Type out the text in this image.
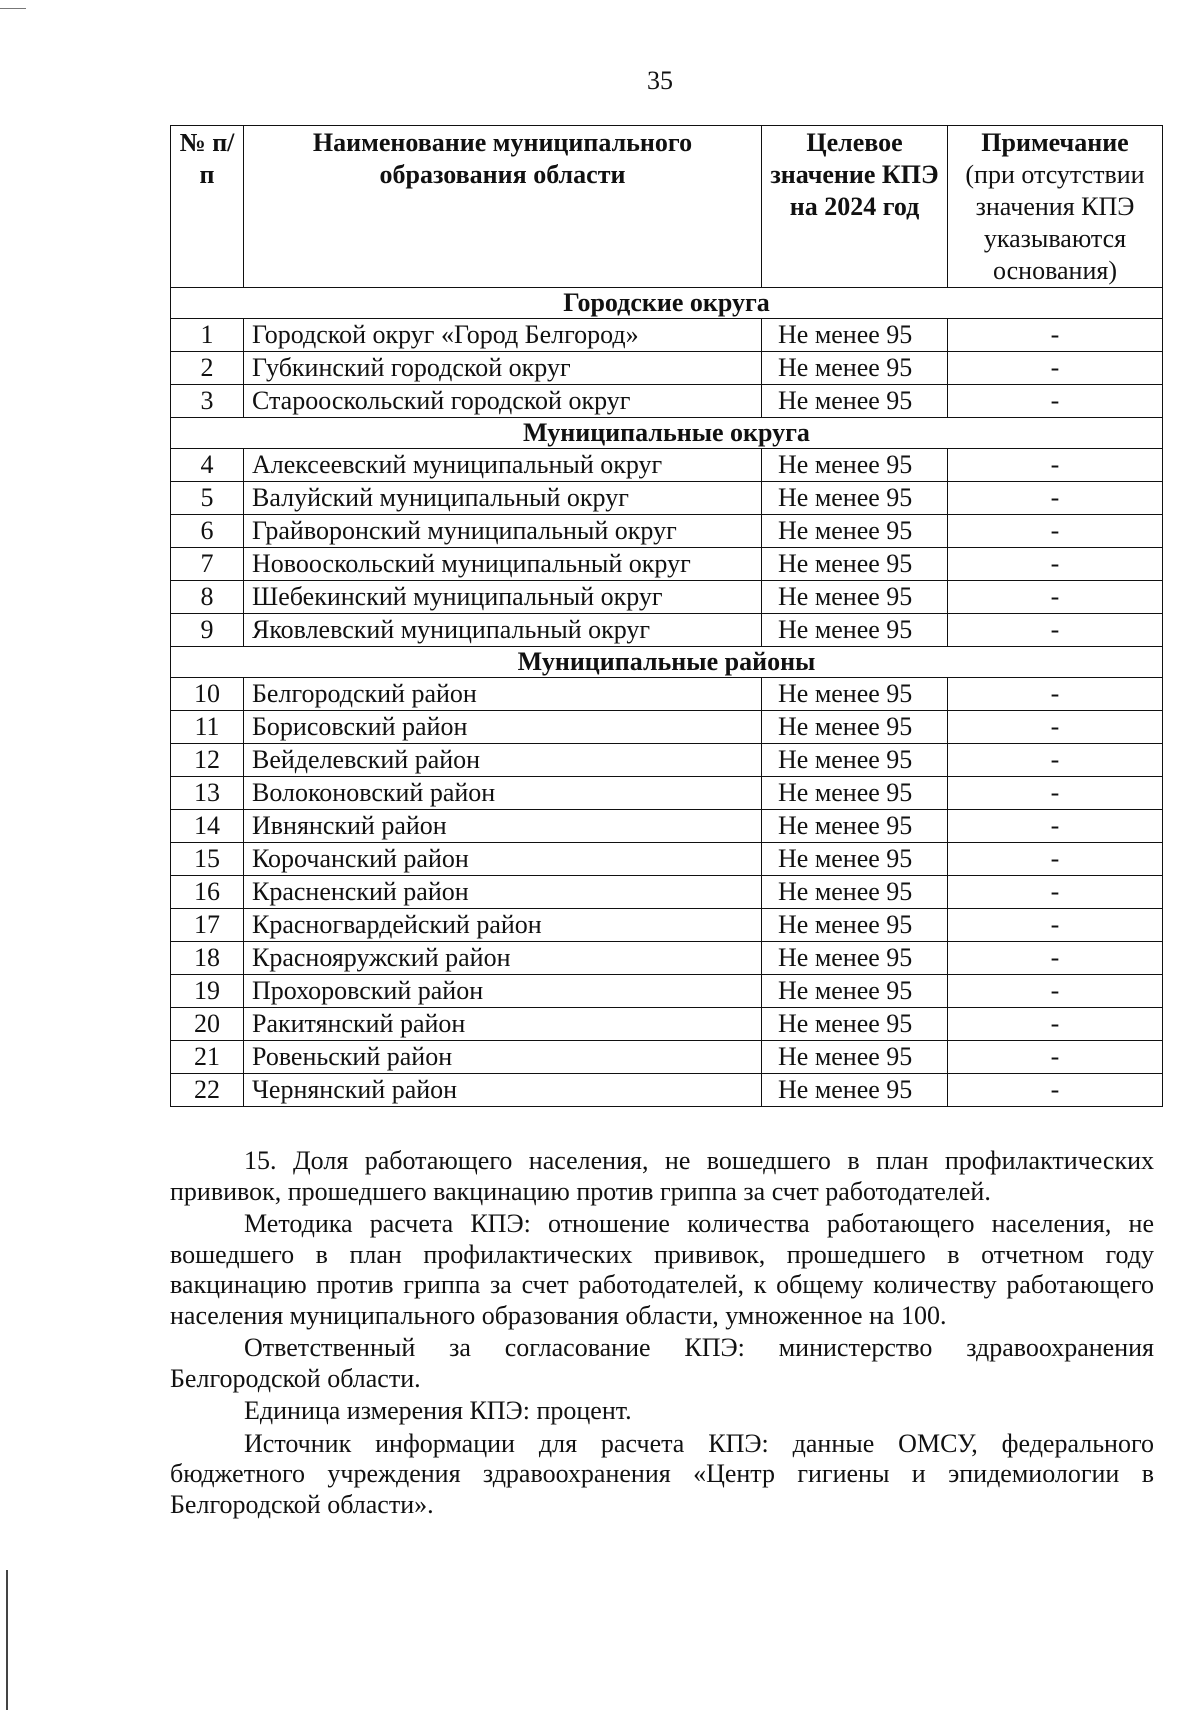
35
№ п/п	Наименование муниципального образования области	Целевое значение КПЭ на 2024 год	Примечание
(при отсутствии значения КПЭ указываются основания)
Городские округа			
1	Городской округ «Город Белгород»	Не менее 95	-
2	Губкинский городской округ	Не менее 95	-
3	Старооскольский городской округ	Не менее 95	-
Муниципальные округа			
4	Алексеевский муниципальный округ	Не менее 95	-
5	Валуйский муниципальный округ	Не менее 95	-
6	Грайворонский муниципальный округ	Не менее 95	-
7	Новооскольский муниципальный округ	Не менее 95	-
8	Шебекинский муниципальный округ	Не менее 95	-
9	Яковлевский муниципальный округ	Не менее 95	-
Муниципальные районы			
10	Белгородский район	Не менее 95	-
11	Борисовский район	Не менее 95	-
12	Вейделевский район	Не менее 95	-
13	Волоконовский район	Не менее 95	-
14	Ивнянский район	Не менее 95	-
15	Корочанский район	Не менее 95	-
16	Красненский район	Не менее 95	-
17	Красногвардейский район	Не менее 95	-
18	Краснояружский район	Не менее 95	-
19	Прохоровский район	Не менее 95	-
20	Ракитянский район	Не менее 95	-
21	Ровеньский район	Не менее 95	-
22	Чернянский район	Не менее 95	-

15. Доля работающего населения, не вошедшего в план профилактических прививок, прошедшего вакцинацию против гриппа за счет работодателей.

Методика расчета КПЭ: отношение количества работающего населения, не вошедшего в план профилактических прививок, прошедшего в отчетном году вакцинацию против гриппа за счет работодателей, к общему количеству работающего населения муниципального образования области, умноженное на 100.

Ответственный за согласование КПЭ: министерство здравоохранения Белгородской области.

Единица измерения КПЭ: процент.

Источник информации для расчета КПЭ: данные ОМСУ, федерального бюджетного учреждения здравоохранения «Центр гигиены и эпидемиологии в Белгородской области».
